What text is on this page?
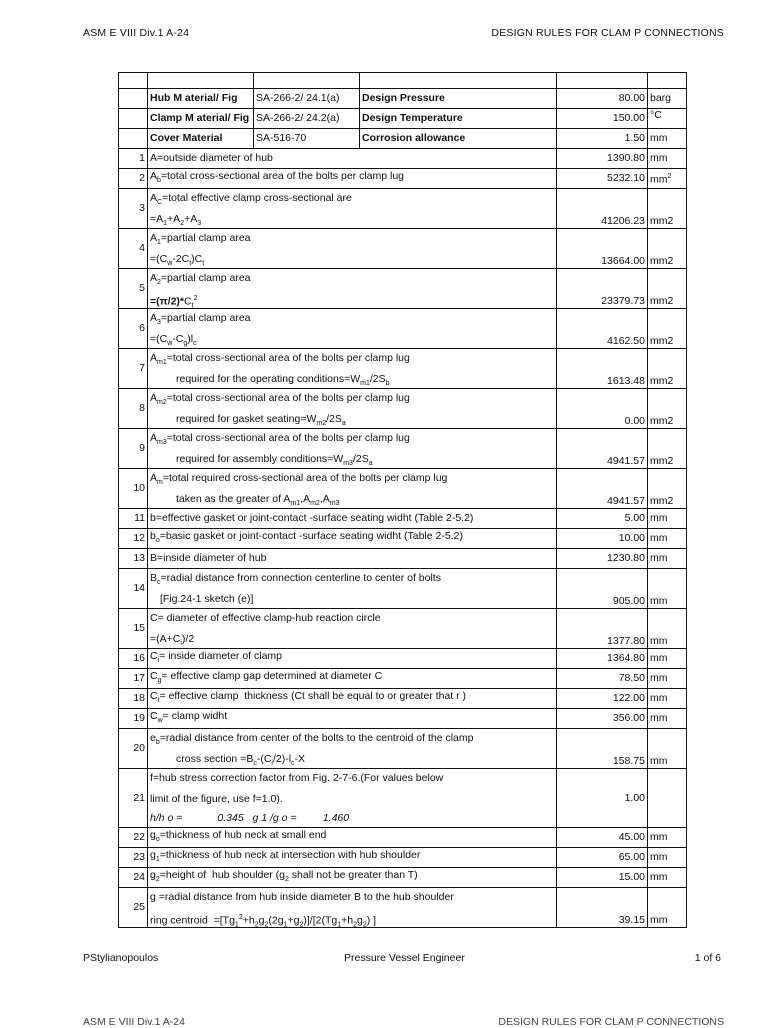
ASM E VIII Div.1 A-24	DESIGN RULES FOR CLAM P CONNECTIONS

	Hub M aterial/ Fig	SA-266-2/ 24.1(a)	Design Pressure	80.00	barg
	Clamp M aterial/ Fig	SA-266-2/ 24.2(a)	Design Temperature	150.00	°C
	Cover Material	SA-516-70	Corrosion allowance	1.50	mm
1	A=outside diameter of hub			1390.80	mm
2	$A_b=total$ cross-sectional area of the bolts per clamp lug			5232.10	$mm^2$
3	$A_C=total$ effective clamp cross-sectional are
$=A_1+A_2+A_3$			41206.23	mm2
4	$A_1=partial$ clamp area
$=(C_w-2C_t)C_t$			13664.00	mm2
5	$A_2=partial$ clamp area
$=(\pi/2)*C_t^2$			23379.73	mm2
6	$A_3=partial$ clamp area
$=(C_w-C_g)l_c$			4162.50	mm2
7	$A_{m1}=total$ cross-sectional area of the bolts per clamp lug
required for the operating $conditions=W_{m1}/2S_b$			1613.48	mm2
8	$A_{m2}=total$ cross-sectional area of the bolts per clamp lug
required for gasket $seating=W_{m2}/2S_a$			0.00	mm2
9	$A_{m3}=total$ cross-sectional area of the bolts per clamp lug
required for assembly $conditions=W_{m3}/2S_a$			4941.57	mm2
10	$A_m=total$ required cross-sectional area of the bolts per clamp lug
taken as the greater of $A_{m1},A_{m2},A_{m3}$			4941.57	mm2
11	b=effective gasket or joint-contact -surface seating widht (Table 2-5.2)			5.00	mm
12	$b_o=basic$ gasket or joint-contact -surface seating widht (Table 2-5.2)			10.00	mm
13	B=inside diameter of hub			1230.80	mm
14	$B_c=radial$ distance from connection centerline to center of bolts
[Fig.24-1 sketch (e)]			905.00	mm
15	C= diameter of effective clamp-hub reaction circle
$=(A+C_i)/2$			1377.80	mm
16	$C_i=$ inside diameter of clamp			1364.80	mm
17	$C_g=$ effective clamp gap determined at diameter C			78.50	mm
18	$C_t=$ effective clamp  thickness (Ct shall be equal to or greater that r )			122.00	mm
19	$C_w=$ clamp widht			356.00	mm
20	$e_b=radial$ distance from center of the bolts to the centroid of the clamp
cross section $=B_c-(C_i/2)-l_c-X$			158.75	mm
21	f=hub stress correction factor from Fig. 2-7-6.(For values below
limit of the figure, use f=1.0).
h/h o = 0.345 g 1 /g o = 1.460			1.00	
22	$g_o=thickness$ of hub neck at small end			45.00	mm
23	$g_1=thickness$ of hub neck at intersection with hub shoulder			65.00	mm
24	$g_2=height$ of  hub shoulder ($g_2$ shall not be greater than T)			15.00	mm
25	g =radial distance from hub inside diameter B to the hub shoulder
ring centroid  $=[Tg_1^2+h_2g_2(2g_1+g_2)]/[2(Tg_1+h_2g_2)$ ]			39.15	mm
PStylianopoulos	Pressure Vessel Engineer	1 of 6
ASM E VIII Div.1 A-24	DESIGN RULES FOR CLAM P CONNECTIONS
